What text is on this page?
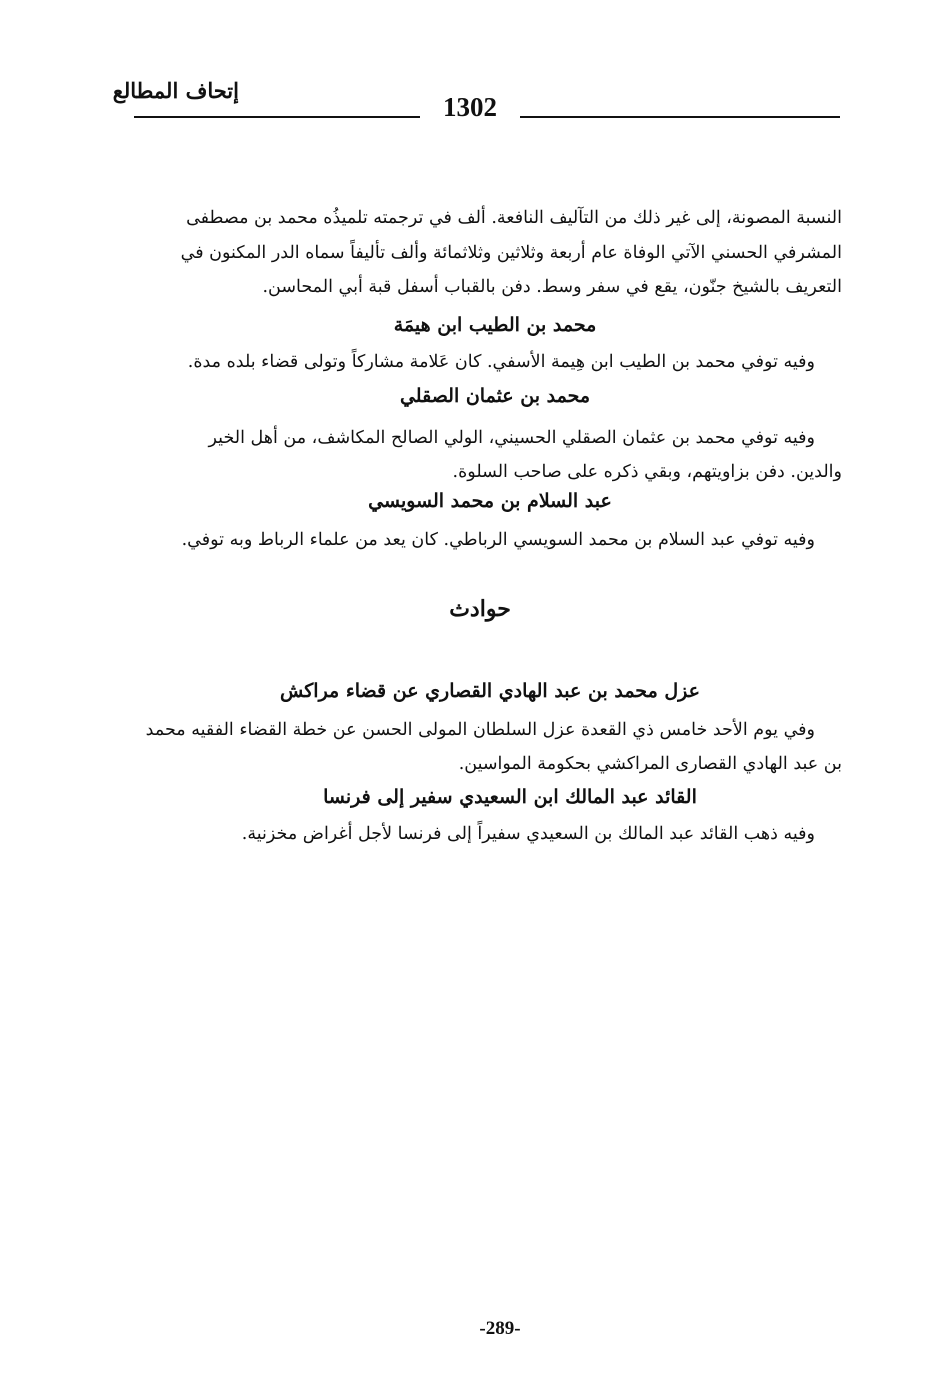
إتحاف المطالع
1302
النسبة المصونة، إلى غير ذلك من التآليف النافعة. ألف في ترجمته تلميذُه محمد بن مصطفى
المشرفي الحسني الآتي الوفاة عام أربعة وثلاثين وثلاثمائة وألف تأليفاً سماه الدر المكنون في
التعريف بالشيخ جنّون، يقع في سفر وسط. دفن بالقباب أسفل قبة أبي المحاسن.
محمد بن الطيب ابن هيمَة
وفيه توفي محمد بن الطيب ابن هِيمة الأسفي. كان عَلامة مشاركاً وتولى قضاء بلده مدة.
محمد بن عثمان الصقلي
وفيه توفي محمد بن عثمان الصقلي الحسيني، الولي الصالح المكاشف، من أهل الخير
والدين. دفن بزاويتهم، وبقي ذكره على صاحب السلوة.
عبد السلام بن محمد السويسي
وفيه توفي عبد السلام بن محمد السويسي الرباطي. كان يعد من علماء الرباط وبه توفي.
حوادث
عزل محمد بن عبد الهادي القصاري عن قضاء مراكش
وفي يوم الأحد خامس ذي القعدة عزل السلطان المولى الحسن عن خطة القضاء الفقيه محمد
بن عبد الهادي القصارى المراكشي بحكومة المواسين.
القائد عبد المالك ابن السعيدي سفير إلى فرنسا
وفيه ذهب القائد عبد المالك بن السعيدي سفيراً إلى فرنسا لأجل أغراض مخزنية.
-289-
